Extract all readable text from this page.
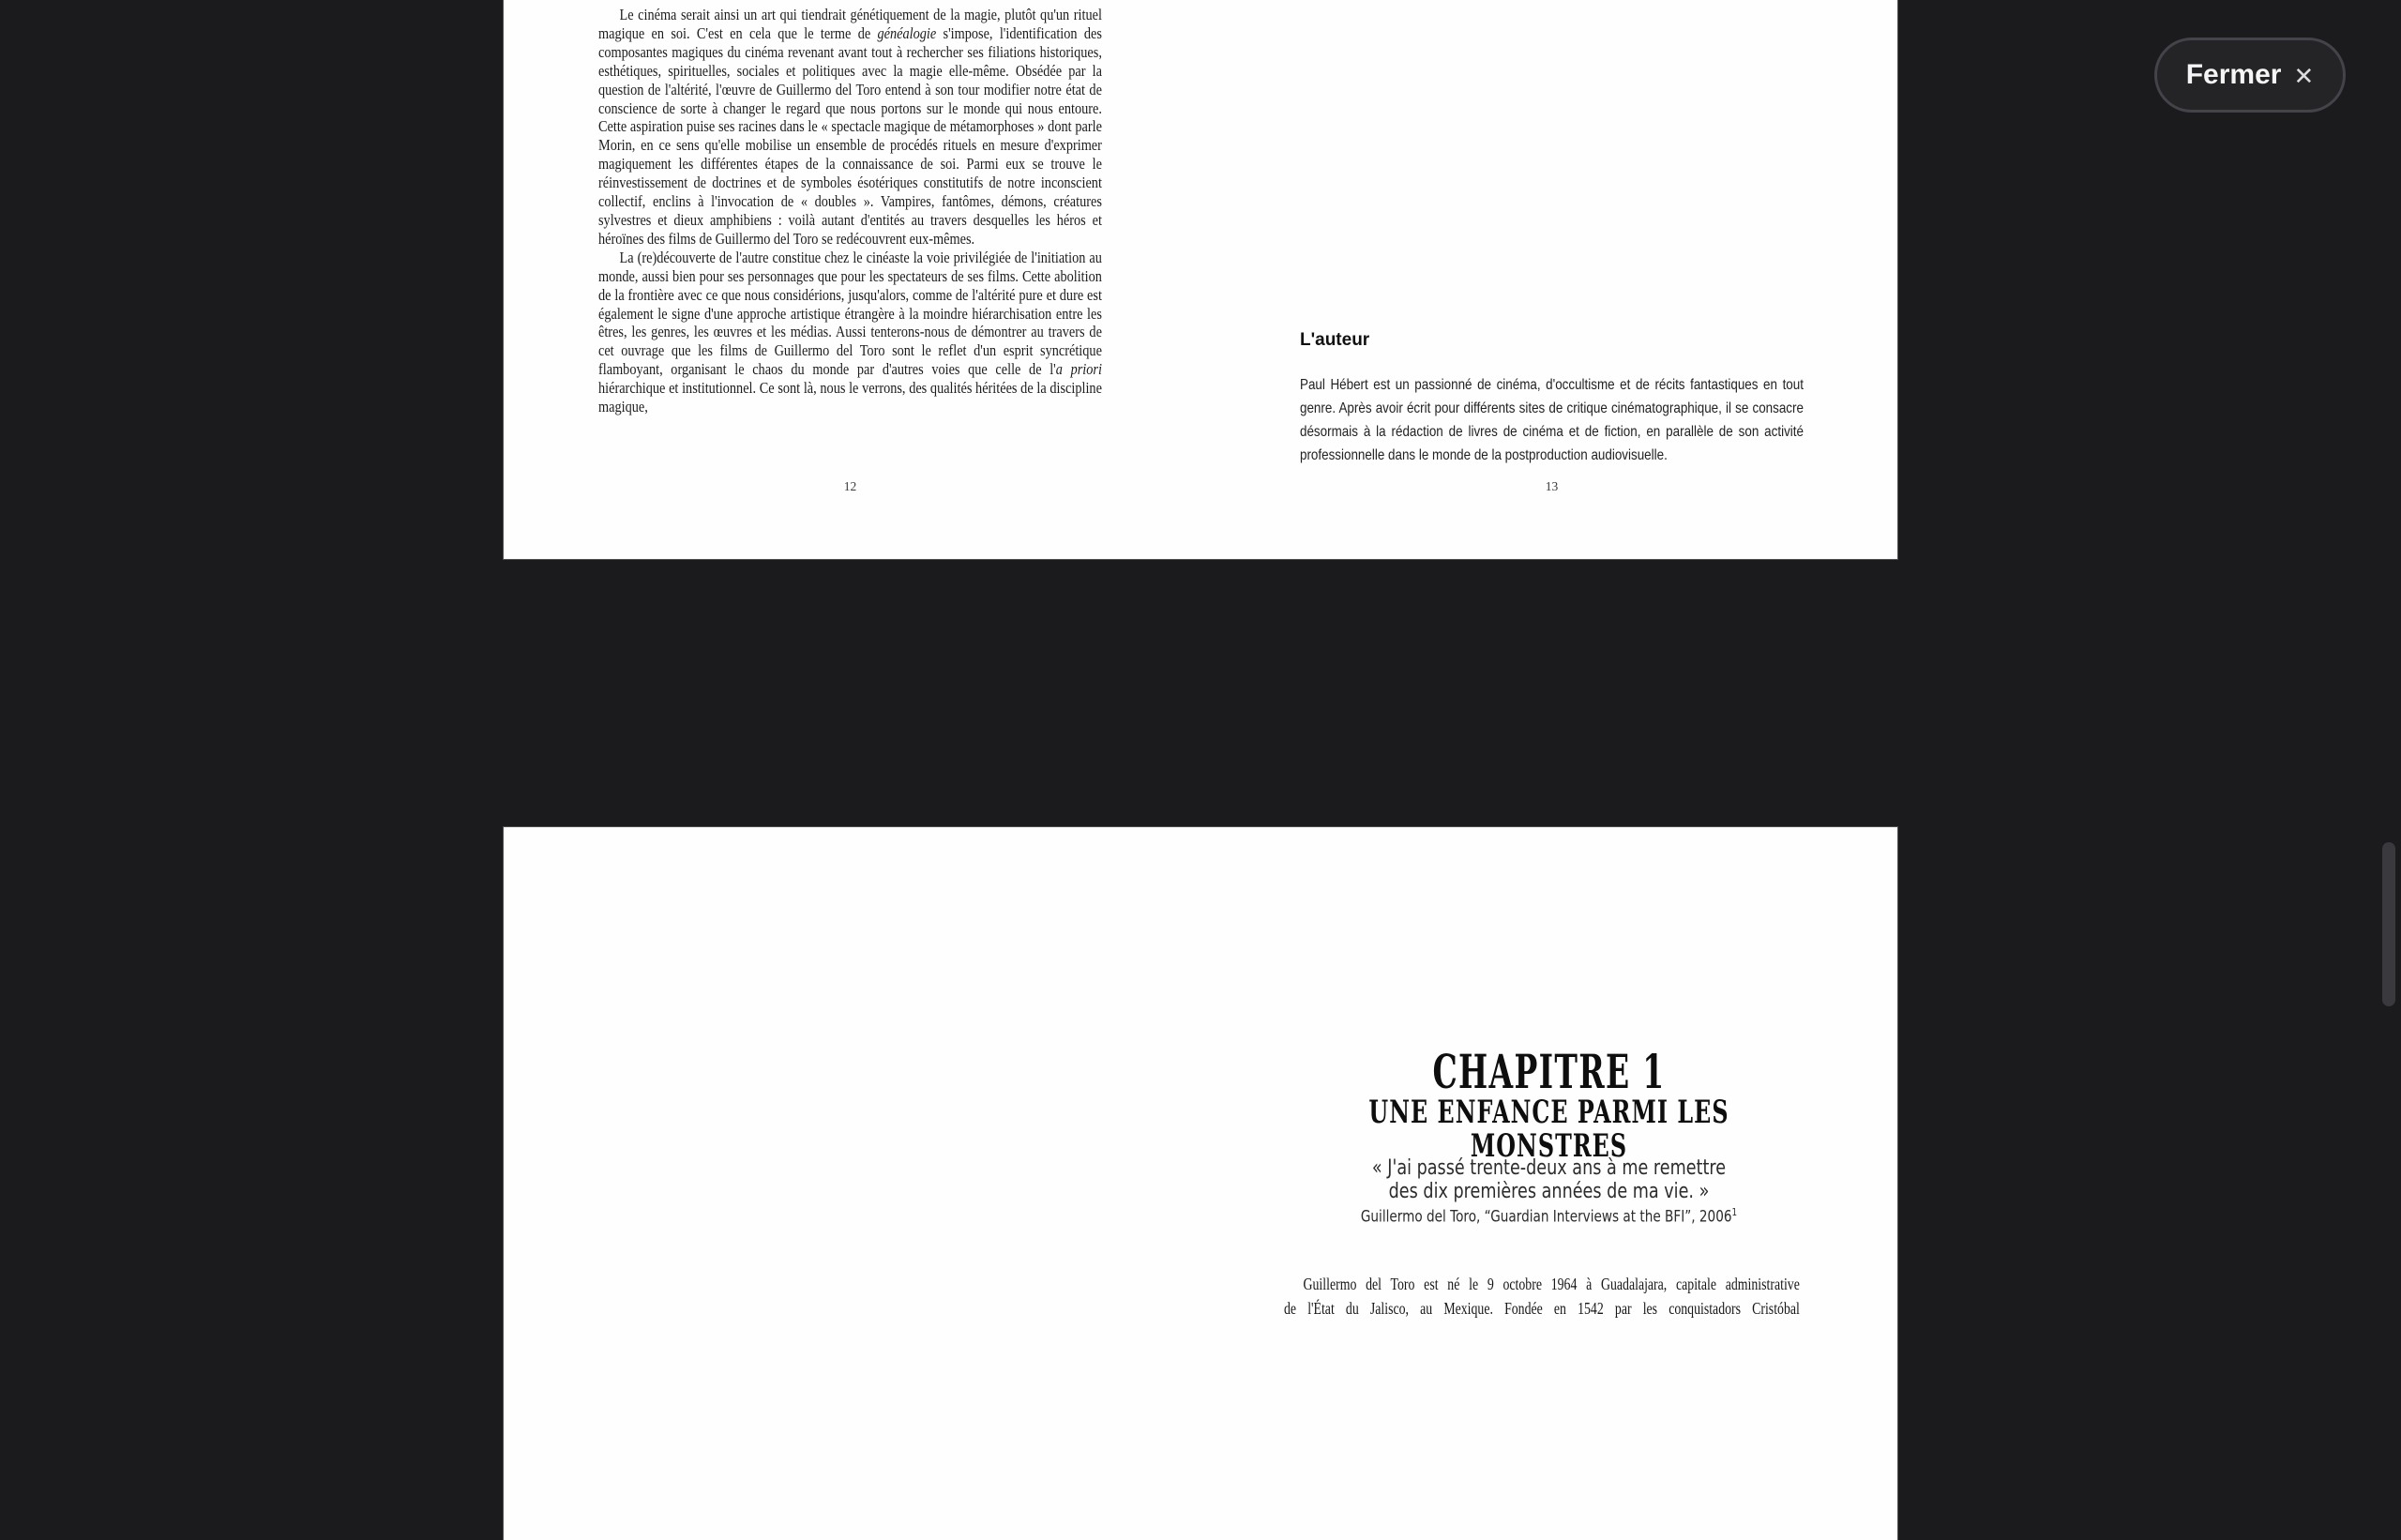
Le cinéma serait ainsi un art qui tiendrait génétiquement de la magie, plutôt qu'un rituel magique en soi. C'est en cela que le terme de généalogie s'impose, l'identification des composantes magiques du cinéma revenant avant tout à rechercher ses filiations historiques, esthétiques, spirituelles, sociales et politiques avec la magie elle-même. Obsédée par la question de l'altérité, l'œuvre de Guillermo del Toro entend à son tour modifier notre état de conscience de sorte à changer le regard que nous portons sur le monde qui nous entoure. Cette aspiration puise ses racines dans le « spectacle magique de métamorphoses » dont parle Morin, en ce sens qu'elle mobilise un ensemble de procédés rituels en mesure d'exprimer magiquement les différentes étapes de la connaissance de soi. Parmi eux se trouve le réinvestissement de doctrines et de symboles ésotériques constitutifs de notre inconscient collectif, enclins à l'invocation de « doubles ». Vampires, fantômes, démons, créatures sylvestres et dieux amphibiens : voilà autant d'entités au travers desquelles les héros et héroïnes des films de Guillermo del Toro se redécouvrent eux-mêmes.

La (re)découverte de l'autre constitue chez le cinéaste la voie privilégiée de l'initiation au monde, aussi bien pour ses personnages que pour les spectateurs de ses films. Cette abolition de la frontière avec ce que nous considérions, jusqu'alors, comme de l'altérité pure et dure est également le signe d'une approche artistique étrangère à la moindre hiérarchisation entre les êtres, les genres, les œuvres et les médias. Aussi tenterons-nous de démontrer au travers de cet ouvrage que les films de Guillermo del Toro sont le reflet d'un esprit syncrétique flamboyant, organisant le chaos du monde par d'autres voies que celle de l'a priori hiérarchique et institutionnel. Ce sont là, nous le verrons, des qualités héritées de la discipline magique,

12
L'auteur
Paul Hébert est un passionné de cinéma, d'occultisme et de récits fantastiques en tout genre. Après avoir écrit pour différents sites de critique cinématographique, il se consacre désormais à la rédaction de livres de cinéma et de fiction, en parallèle de son activité professionnelle dans le monde de la postproduction audiovisuelle.
13
CHAPITRE 1
UNE ENFANCE PARMI LES MONSTRES
« J'ai passé trente-deux ans à me remettre
des dix premières années de ma vie. »
Guillermo del Toro, “Guardian Interviews at the BFI”, 2006$^1$
Guillermo del Toro est né le 9 octobre 1964 à Guadalajara, capitale administrative
de l'État du Jalisco, au Mexique. Fondée en 1542 par les conquistadors Cristóbal
Fermer ✕
